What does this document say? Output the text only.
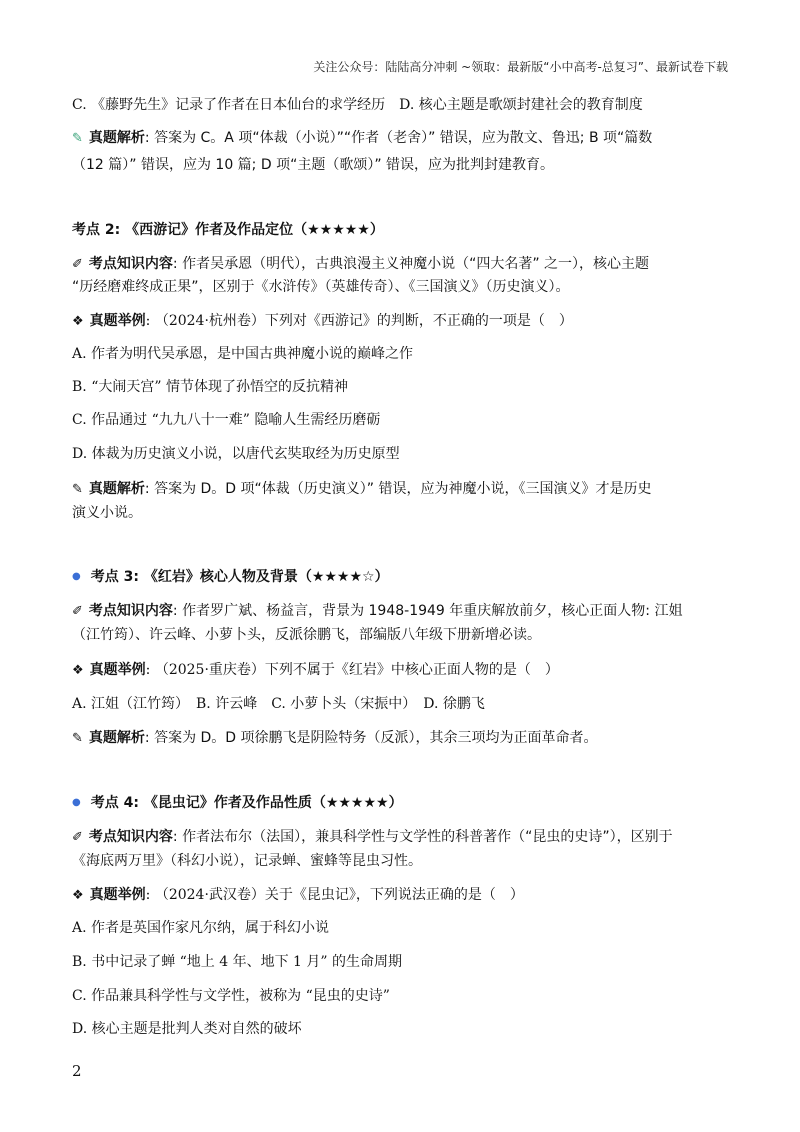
关注公众号：陆陆高分冲刺 ~领取：最新版“小中高考-总复习”、最新试卷下载
C. 《藤野先生》记录了作者在日本仙台的求学经历　D. 核心主题是歌颂封建社会的教育制度
✎ 真题解析: 答案为 C。A 项“体裁（小说）”“作者（老舍）” 错误，应为散文、鲁迅; B 项“篇数
（12 篇）” 错误，应为 10 篇; D 项“主题（歌颂）” 错误，应为批判封建教育。
考点 2: 《西游记》作者及作品定位（★★★★★）
✐ 考点知识内容: 作者吴承恩（明代），古典浪漫主义神魔小说（“四大名著” 之一），核心主题
“历经磨难终成正果”，区别于《水浒传》（英雄传奇）、《三国演义》（历史演义）。
❖ 真题举例: （2024·杭州卷）下列对《西游记》的判断，不正确的一项是（　）
A. 作者为明代吴承恩，是中国古典神魔小说的巅峰之作
B. “大闹天宫” 情节体现了孙悟空的反抗精神
C. 作品通过 “九九八十一难” 隐喻人生需经历磨砺
D. 体裁为历史演义小说，以唐代玄奘取经为历史原型
✎ 真题解析: 答案为 D。D 项“体裁（历史演义）” 错误，应为神魔小说，《三国演义》才是历史
演义小说。
● 考点 3: 《红岩》核心人物及背景（★★★★☆）
✐ 考点知识内容: 作者罗广斌、杨益言，背景为 1948-1949 年重庆解放前夕，核心正面人物: 江姐
（江竹筠）、许云峰、小萝卜头，反派徐鹏飞，部编版八年级下册新增必读。
❖ 真题举例: （2025·重庆卷）下列不属于《红岩》中核心正面人物的是（　）
A. 江姐（江竹筠）　B. 许云峰　C. 小萝卜头（宋振中）　D. 徐鹏飞
✎ 真题解析: 答案为 D。D 项徐鹏飞是阴险特务（反派），其余三项均为正面革命者。
● 考点 4: 《昆虫记》作者及作品性质（★★★★★）
✐ 考点知识内容: 作者法布尔（法国），兼具科学性与文学性的科普著作（“昆虫的史诗”），区别于
《海底两万里》（科幻小说），记录蝉、蜜蜂等昆虫习性。
❖ 真题举例: （2024·武汉卷）关于《昆虫记》，下列说法正确的是（　）
A. 作者是英国作家凡尔纳，属于科幻小说
B. 书中记录了蝉 “地上 4 年、地下 1 月” 的生命周期
C. 作品兼具科学性与文学性，被称为 “昆虫的史诗”
D. 核心主题是批判人类对自然的破坏
2
